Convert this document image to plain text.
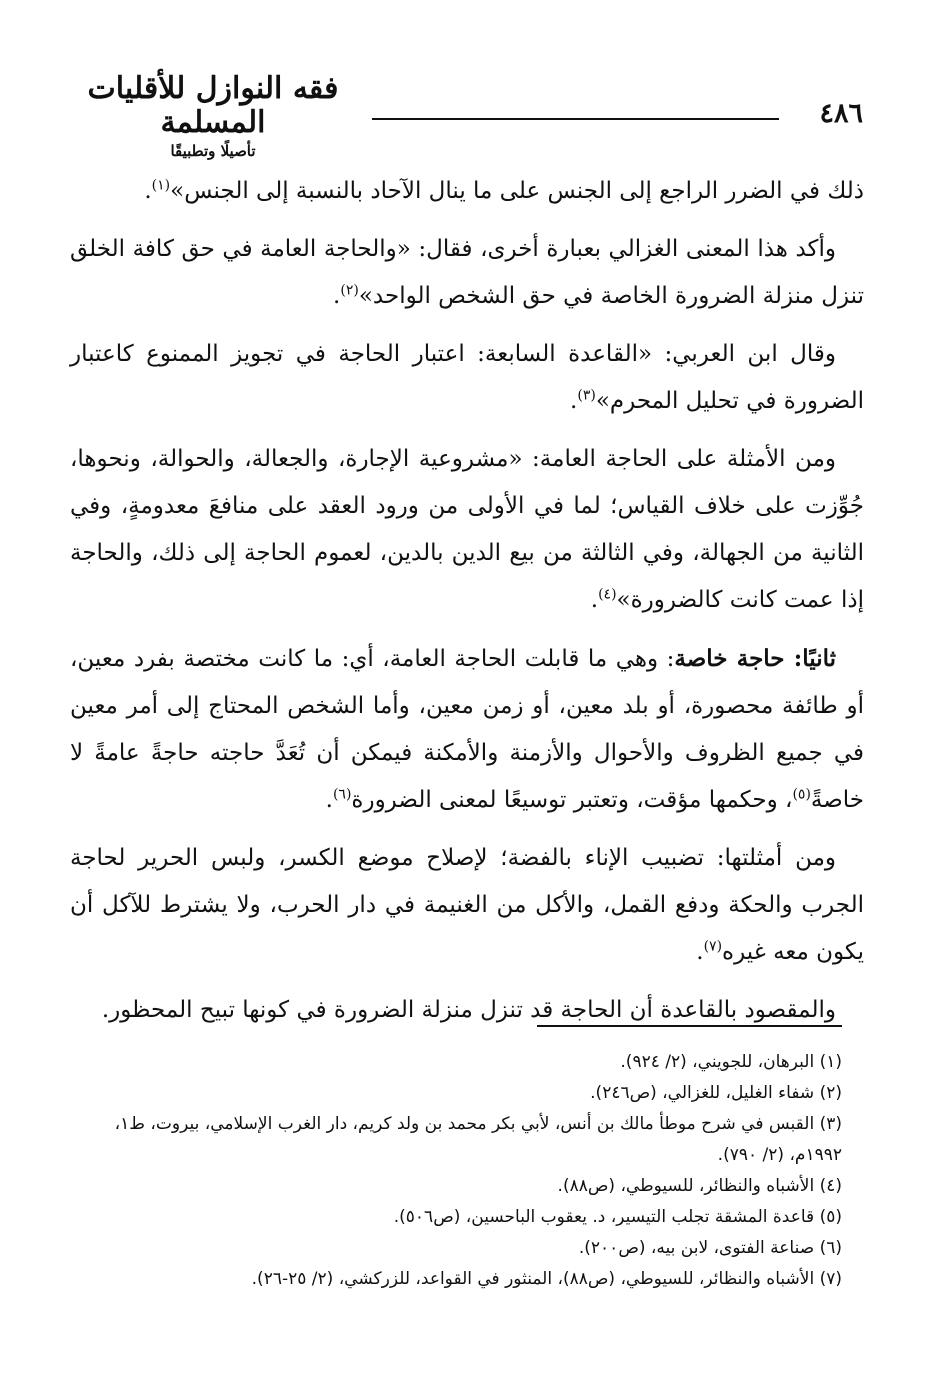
فقه النوازل للأقليات المسلمة
تأصيلًا وتطبيقًا
٤٨٦

ذلك في الضرر الراجع إلى الجنس على ما ينال الآحاد بالنسبة إلى الجنس»$^{(١)}$.

وأكد هذا المعنى الغزالي بعبارة أخرى، فقال: «والحاجة العامة في حق كافة الخلق تنزل منزلة الضرورة الخاصة في حق الشخص الواحد»$^{(٢)}$.

وقال ابن العربي: «القاعدة السابعة: اعتبار الحاجة في تجويز الممنوع كاعتبار الضرورة في تحليل المحرم»$^{(٣)}$.

ومن الأمثلة على الحاجة العامة: «مشروعية الإجارة، والجعالة، والحوالة، ونحوها، جُوِّزت على خلاف القياس؛ لما في الأولى من ورود العقد على منافعَ معدومةٍ، وفي الثانية من الجهالة، وفي الثالثة من بيع الدين بالدين، لعموم الحاجة إلى ذلك، والحاجة إذا عمت كانت كالضرورة»$^{(٤)}$.

ثانيًا: حاجة خاصة: وهي ما قابلت الحاجة العامة، أي: ما كانت مختصة بفرد معين، أو طائفة محصورة، أو بلد معين، أو زمن معين، وأما الشخص المحتاج إلى أمر معين في جميع الظروف والأحوال والأزمنة والأمكنة فيمكن أن تُعَدَّ حاجته حاجةً عامةً لا خاصةً$^{(٥)}$، وحكمها مؤقت، وتعتبر توسيعًا لمعنى الضرورة$^{(٦)}$.

ومن أمثلتها: تضبيب الإناء بالفضة؛ لإصلاح موضع الكسر، ولبس الحرير لحاجة الجرب والحكة ودفع القمل، والأكل من الغنيمة في دار الحرب، ولا يشترط للآكل أن يكون معه غيره$^{(٧)}$.

والمقصود بالقاعدة أن الحاجة قد تنزل منزلة الضرورة في كونها تبيح المحظور.

(١) البرهان، للجويني، (٢/ ٩٢٤).

(٢) شفاء الغليل، للغزالي، (ص٢٤٦).

(٣) القبس في شرح موطأ مالك بن أنس، لأبي بكر محمد بن ولد كريم، دار الغرب الإسلامي، بيروت، ط١، ١٩٩٢م، (٢/ ٧٩٠).

(٤) الأشباه والنظائر، للسيوطي، (ص٨٨).

(٥) قاعدة المشقة تجلب التيسير، د. يعقوب الباحسين، (ص٥٠٦).

(٦) صناعة الفتوى، لابن بيه، (ص٢٠٠).

(٧) الأشباه والنظائر، للسيوطي، (ص٨٨)، المنثور في القواعد، للزركشي، (٢/ ٢٥-٢٦).
